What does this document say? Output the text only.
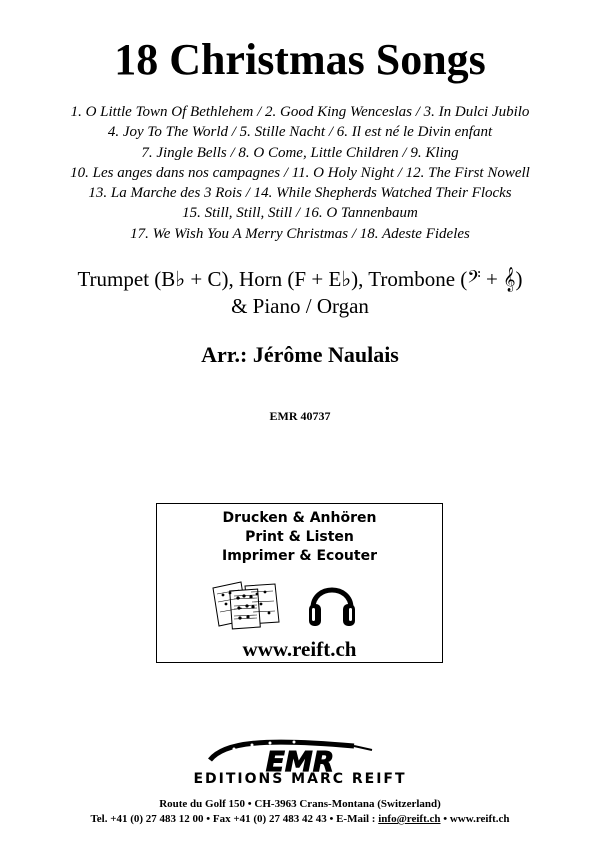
18 Christmas Songs
1. O Little Town Of Bethlehem / 2. Good King Wenceslas / 3. In Dulci Jubilo
4. Joy To The World / 5. Stille Nacht / 6. Il est né le Divin enfant
7. Jingle Bells / 8. O Come, Little Children / 9. Kling
10. Les anges dans nos campagnes / 11. O Holy Night / 12. The First Nowell
13. La Marche des 3 Rois / 14. While Shepherds Watched Their Flocks
15. Still, Still, Still / 16. O Tannenbaum
17. We Wish You A Merry Christmas / 18. Adeste Fideles
Trumpet (B♭ + C), Horn (F + E♭), Trombone (𝄢 + 𝄞)
& Piano / Organ
Arr.: Jérôme Naulais
EMR 40737
Drucken & Anhören
Print & Listen
Imprimer & Ecouter
www.reift.ch
EMR
EDITIONS MARC REIFT
Route du Golf 150 • CH-3963 Crans-Montana (Switzerland)
Tel. +41 (0) 27 483 12 00 • Fax +41 (0) 27 483 42 43 • E-Mail : info@reift.ch • www.reift.ch
